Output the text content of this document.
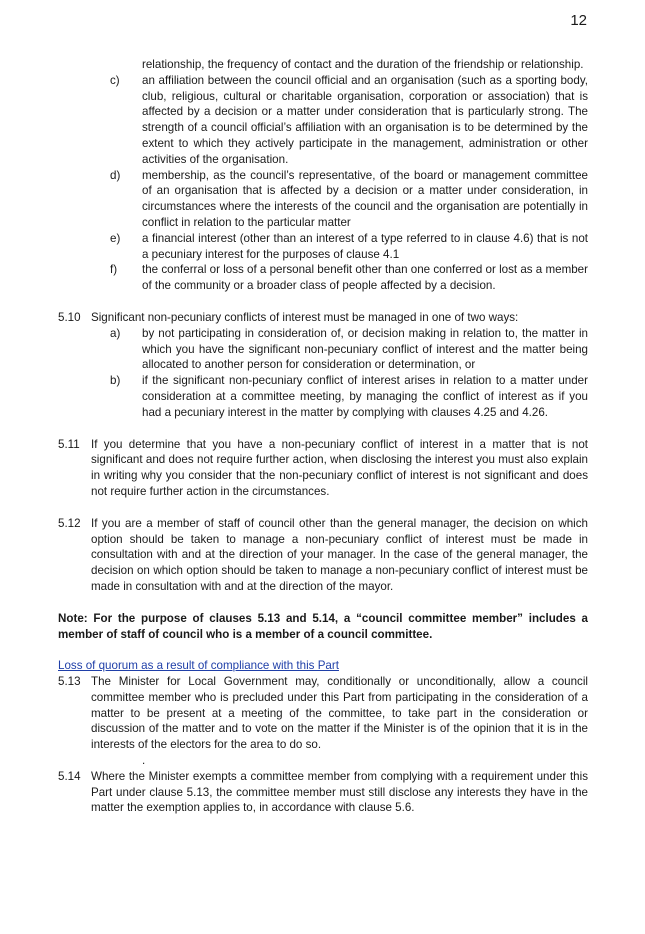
12
relationship, the frequency of contact and the duration of the friendship or relationship.
c)	an affiliation between the council official and an organisation (such as a sporting body, club, religious, cultural or charitable organisation, corporation or association) that is affected by a decision or a matter under consideration that is particularly strong. The strength of a council official’s affiliation with an organisation is to be determined by the extent to which they actively participate in the management, administration or other activities of the organisation.
d)	membership, as the council’s representative, of the board or management committee of an organisation that is affected by a decision or a matter under consideration, in circumstances where the interests of the council and the organisation are potentially in conflict in relation to the particular matter
e)	a financial interest (other than an interest of a type referred to in clause 4.6) that is not a pecuniary interest for the purposes of clause 4.1
f)	the conferral or loss of a personal benefit other than one conferred or lost as a member of the community or a broader class of people affected by a decision.
5.10 Significant non-pecuniary conflicts of interest must be managed in one of two ways:
a)	by not participating in consideration of, or decision making in relation to, the matter in which you have the significant non-pecuniary conflict of interest and the matter being allocated to another person for consideration or determination, or
b)	if the significant non-pecuniary conflict of interest arises in relation to a matter under consideration at a committee meeting, by managing the conflict of interest as if you had a pecuniary interest in the matter by complying with clauses 4.25 and 4.26.
5.11 If you determine that you have a non-pecuniary conflict of interest in a matter that is not significant and does not require further action, when disclosing the interest you must also explain in writing why you consider that the non-pecuniary conflict of interest is not significant and does not require further action in the circumstances.
5.12 If you are a member of staff of council other than the general manager, the decision on which option should be taken to manage a non-pecuniary conflict of interest must be made in consultation with and at the direction of your manager. In the case of the general manager, the decision on which option should be taken to manage a non-pecuniary conflict of interest must be made in consultation with and at the direction of the mayor.
Note: For the purpose of clauses 5.13 and 5.14, a “council committee member” includes a member of staff of council who is a member of a council committee.
Loss of quorum as a result of compliance with this Part
5.13 The Minister for Local Government may, conditionally or unconditionally, allow a council committee member who is precluded under this Part from participating in the consideration of a matter to be present at a meeting of the committee, to take part in the consideration or discussion of the matter and to vote on the matter if the Minister is of the opinion that it is in the interests of the electors for the area to do so.
.
5.14 Where the Minister exempts a committee member from complying with a requirement under this Part under clause 5.13, the committee member must still disclose any interests they have in the matter the exemption applies to, in accordance with clause 5.6.
